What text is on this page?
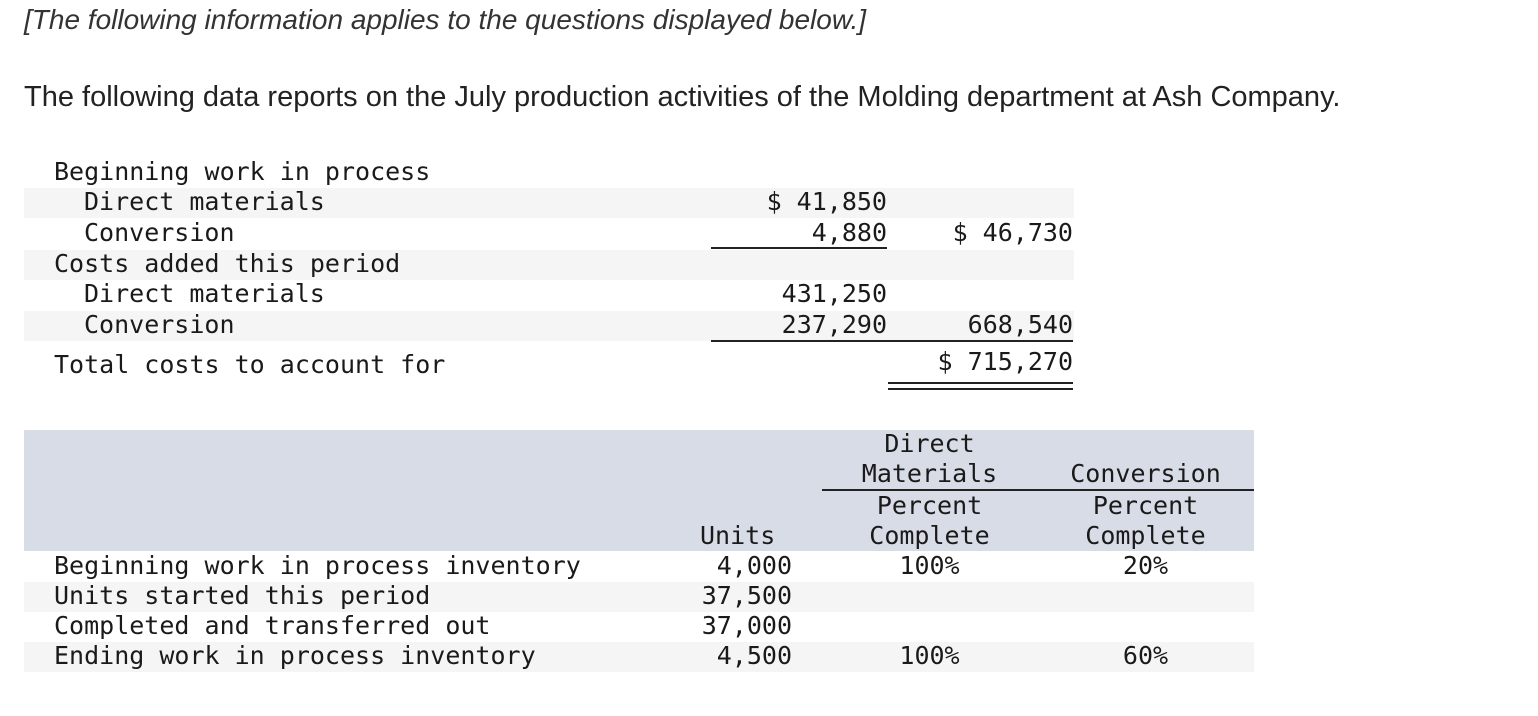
[The following information applies to the questions displayed below.]
The following data reports on the July production activities of the Molding department at Ash Company.
Beginning work in process
Direct materials
Conversion
Costs added this period
Direct materials
Conversion
Total costs to account for
$ 41,850
4,880
431,250
237,290
$ 46,730
668,540
$ 715,270
Direct
Materials
Percent
Complete
Conversion
Percent
Complete
Units
Beginning work in process inventory
Units started this period
Completed and transferred out
Ending work in process inventory
4,000
37,500
37,000
4,500
100%
100%
20%
60%
